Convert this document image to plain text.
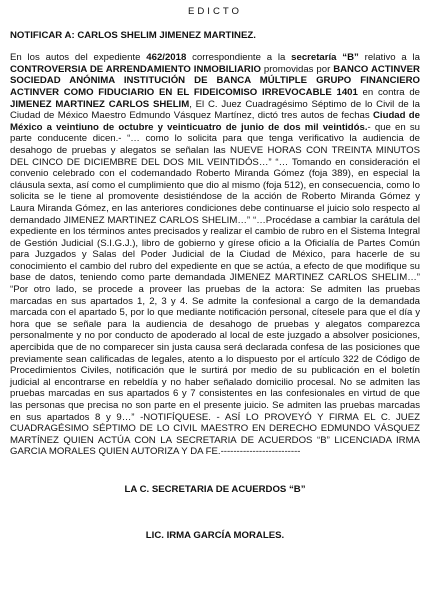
EDICTO
NOTIFICAR A: CARLOS SHELIM JIMENEZ MARTINEZ.

En los autos del expediente 462/2018 correspondiente a la secretaría “B” relativo a la CONTROVERSIA DE ARRENDAMIENTO INMOBILIARIO promovidas por BANCO ACTINVER SOCIEDAD ANÓNIMA INSTITUCIÓN DE BANCA MÚLTIPLE GRUPO FINANCIERO ACTINVER COMO FIDUCIARIO EN EL FIDEICOMISO IRREVOCABLE 1401 en contra de JIMENEZ MARTINEZ CARLOS SHELIM, El C. Juez Cuadragésimo Séptimo de lo Civil de la Ciudad de México Maestro Edmundo Vásquez Martínez, dictó tres autos de fechas Ciudad de México a veintiuno de octubre y veinticuatro de junio de dos mil veintidós.- que en su parte conducente dicen.- “… como lo solicita para que tenga verificativo la audiencia de desahogo de pruebas y alegatos se señalan las NUEVE HORAS CON TREINTA MINUTOS DEL CINCO DE DICIEMBRE DEL DOS MIL VEINTIDÓS…” “… Tomando en consideración el convenio celebrado con el codemandado Roberto Miranda Gómez (foja 389), en especial la cláusula sexta, así como el cumplimiento que dio al mismo (foja 512), en consecuencia, como lo solicita se le tiene al promovente desistiéndose de la acción de Roberto Miranda Gómez y Laura Miranda Gómez, en las anteriores condiciones debe continuarse el juicio solo respecto al demandado JIMENEZ MARTINEZ CARLOS SHELIM…” “…Procédase a cambiar la carátula del expediente en los términos antes precisados y realizar el cambio de rubro en el Sistema Integral de Gestión Judicial (S.I.G.J.), libro de gobierno y gírese oficio a la Oficialía de Partes Común para Juzgados y Salas del Poder Judicial de la Ciudad de México, para hacerle de su conocimiento el cambio del rubro del expediente en que se actúa, a efecto de que modifique su base de datos, teniendo como parte demandada JIMENEZ MARTINEZ CARLOS SHELIM…” “Por otro lado, se procede a proveer las pruebas de la actora: Se admiten las pruebas marcadas en sus apartados 1, 2, 3 y 4. Se admite la confesional a cargo de la demandada marcada con el apartado 5, por lo que mediante notificación personal, cítesele para que el día y hora que se señale para la audiencia de desahogo de pruebas y alegatos comparezca personalmente y no por conducto de apoderado al local de este juzgado a absolver posiciones, apercibida que de no comparecer sin justa causa será declarada confesa de las posiciones que previamente sean calificadas de legales, atento a lo dispuesto por el artículo 322 de Código de Procedimientos Civiles, notificación que le surtirá por medio de su publicación en el boletín judicial al encontrarse en rebeldía y no haber señalado domicilio procesal. No se admiten las pruebas marcadas en sus apartados 6 y 7 consistentes en las confesionales en virtud de que las personas que precisa no son parte en el presente juicio. Se admiten las pruebas marcadas en sus apartados 8 y 9…” -NOTIFÍQUESE. - ASÍ LO PROVEYÓ Y FIRMA EL C. JUEZ CUADRAGÉSIMO SÉPTIMO DE LO CIVIL MAESTRO EN DERECHO EDMUNDO VÁSQUEZ MARTÍNEZ QUIEN ACTÚA CON LA SECRETARIA DE ACUERDOS “B” LICENCIADA IRMA GARCIA MORALES QUIEN AUTORIZA Y DA FE.-------------------------

LA C. SECRETARIA DE ACUERDOS “B”
LIC. IRMA GARCÍA MORALES.
